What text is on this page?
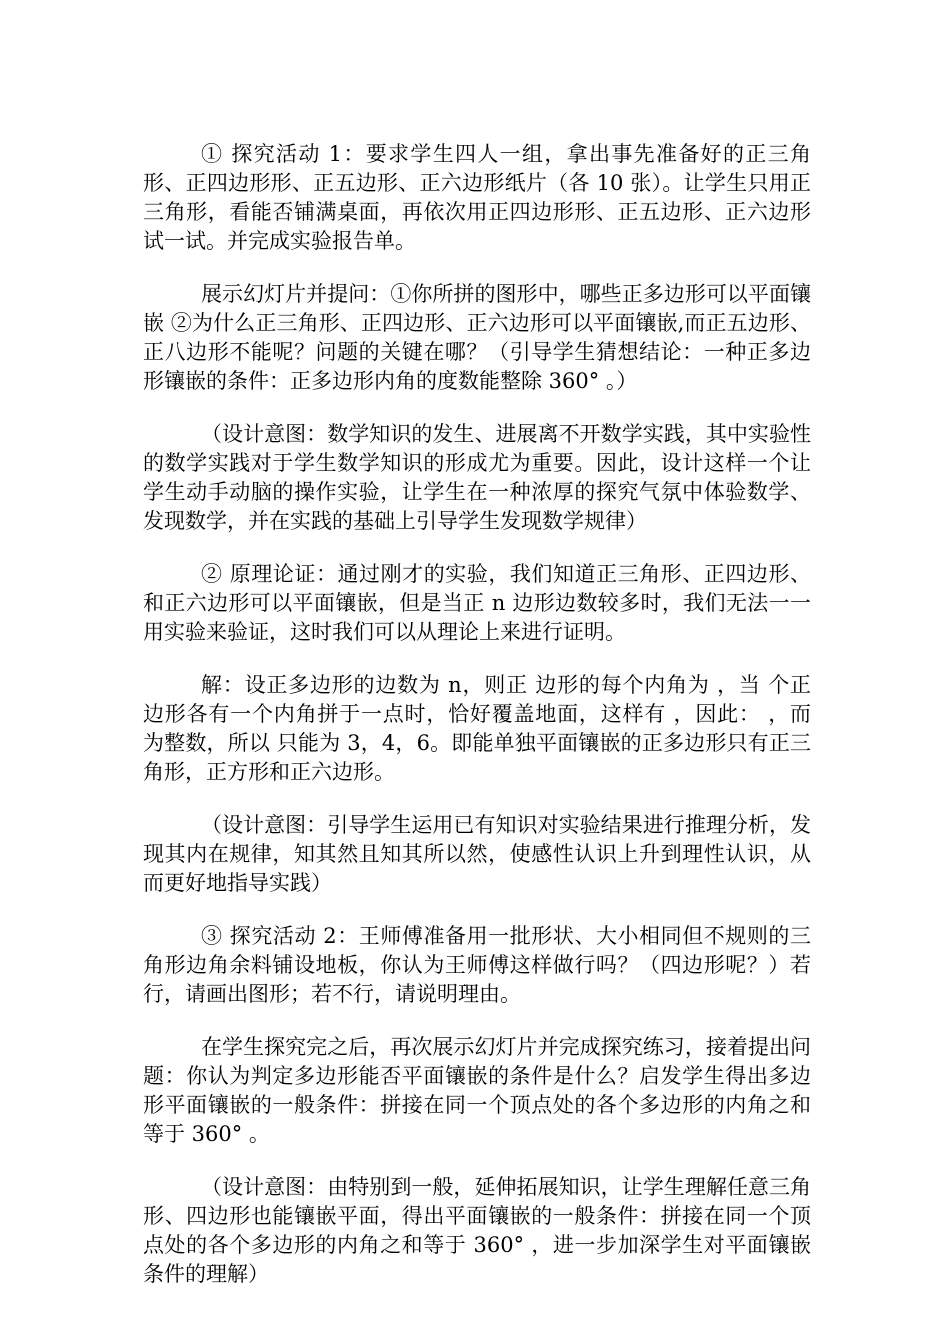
① 探究活动 1：要求学生四人一组，拿出事先准备好的正三角形、正四边形形、正五边形、正六边形纸片（各 10 张）。让学生只用正三角形，看能否铺满桌面，再依次用正四边形形、正五边形、正六边形试一试。并完成实验报告单。

展示幻灯片并提问：①你所拼的图形中，哪些正多边形可以平面镶嵌 ②为什么正三角形、正四边形、正六边形可以平面镶嵌,而正五边形、正八边形不能呢？问题的关键在哪？（引导学生猜想结论：一种正多边形镶嵌的条件：正多边形内角的度数能整除 360° 。）

（设计意图：数学知识的发生、进展离不开数学实践，其中实验性的数学实践对于学生数学知识的形成尤为重要。因此，设计这样一个让学生动手动脑的操作实验，让学生在一种浓厚的探究气氛中体验数学、发现数学，并在实践的基础上引导学生发现数学规律）

② 原理论证：通过刚才的实验，我们知道正三角形、正四边形、和正六边形可以平面镶嵌，但是当正 n 边形边数较多时，我们无法一一用实验来验证，这时我们可以从理论上来进行证明。

解：设正多边形的边数为 n，则正 边形的每个内角为 ，当 个正 边形各有一个内角拼于一点时，恰好覆盖地面，这样有 ，因此： ，而 为整数，所以 只能为 3，4，6。即能单独平面镶嵌的正多边形只有正三角形，正方形和正六边形。

（设计意图：引导学生运用已有知识对实验结果进行推理分析，发现其内在规律，知其然且知其所以然，使感性认识上升到理性认识，从而更好地指导实践）

③ 探究活动 2：王师傅准备用一批形状、大小相同但不规则的三角形边角余料铺设地板，你认为王师傅这样做行吗？（四边形呢？）若行，请画出图形；若不行，请说明理由。

在学生探究完之后，再次展示幻灯片并完成探究练习，接着提出问题：你认为判定多边形能否平面镶嵌的条件是什么？启发学生得出多边形平面镶嵌的一般条件：拼接在同一个顶点处的各个多边形的内角之和等于 360° 。

（设计意图：由特别到一般，延伸拓展知识，让学生理解任意三角形、四边形也能镶嵌平面，得出平面镶嵌的一般条件：拼接在同一个顶点处的各个多边形的内角之和等于 360° ，进一步加深学生对平面镶嵌条件的理解）
